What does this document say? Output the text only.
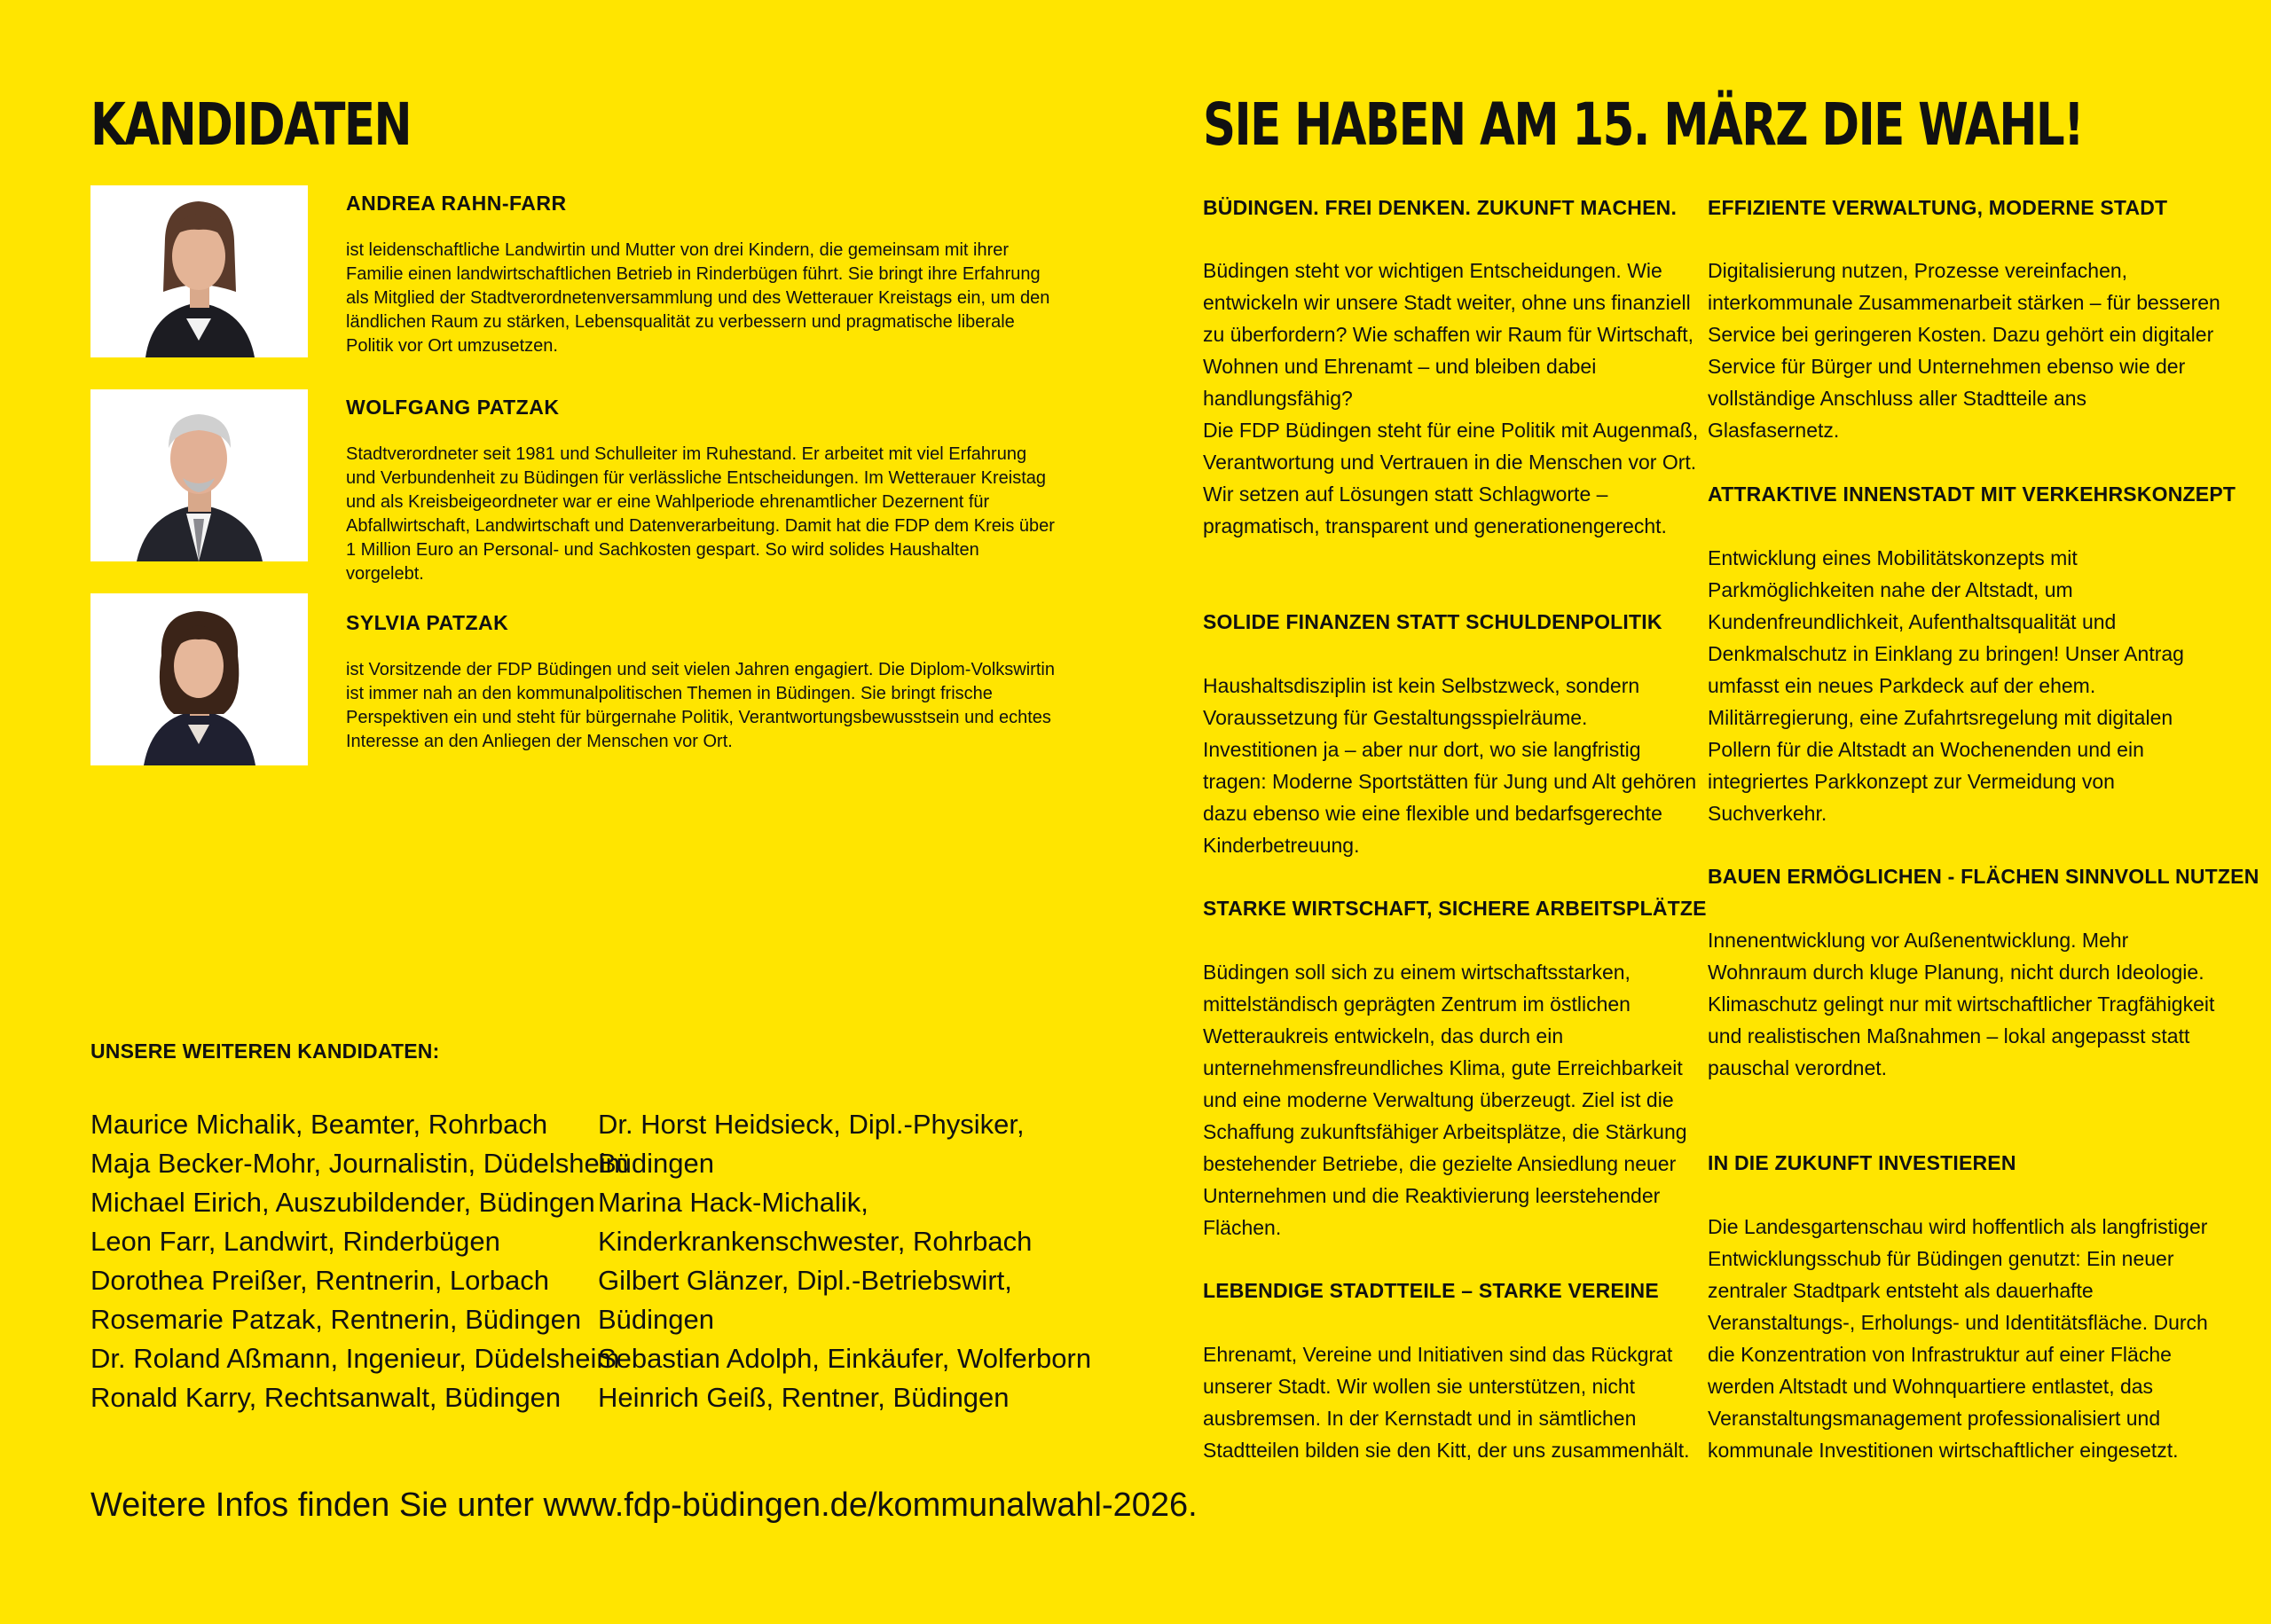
KANDIDATEN
ANDREA RAHN-FARR

ist leidenschaftliche Landwirtin und Mutter von drei Kindern, die gemeinsam mit ihrer Familie einen landwirtschaftlichen Betrieb in Rinderbügen führt. Sie bringt ihre Erfahrung als Mitglied der Stadtverordnetenversammlung und des Wetterauer Kreistags ein, um den ländlichen Raum zu stärken, Lebensqualität zu verbessern und pragmatische liberale Politik vor Ort umzusetzen.

WOLFGANG PATZAK

Stadtverordneter seit 1981 und Schulleiter im Ruhestand. Er arbeitet mit viel Erfahrung und Verbundenheit zu Büdingen für verlässliche Entscheidungen. Im Wetterauer Kreistag und als Kreisbeigeordneter war er eine Wahlperiode ehrenamtlicher Dezernent für Abfallwirtschaft, Landwirtschaft und Datenverarbeitung. Damit hat die FDP dem Kreis über 1 Million Euro an Personal- und Sachkosten gespart. So wird solides Haushalten vorgelebt.

SYLVIA PATZAK

ist Vorsitzende der FDP Büdingen und seit vielen Jahren engagiert. Die Diplom-Volkswirtin ist immer nah an den kommunalpolitischen Themen in Büdingen. Sie bringt frische Perspektiven ein und steht für bürgernahe Politik, Verantwortungsbewusstsein und echtes Interesse an den Anliegen der Menschen vor Ort.

UNSERE WEITEREN KANDIDATEN:
Maurice Michalik, Beamter, Rohrbach
Maja Becker-Mohr, Journalistin, Düdelsheim
Michael Eirich, Auszubildender, Büdingen
Leon Farr, Landwirt, Rinderbügen
Dorothea Preißer, Rentnerin, Lorbach
Rosemarie Patzak, Rentnerin, Büdingen
Dr. Roland Aßmann, Ingenieur, Düdelsheim
Ronald Karry, Rechtsanwalt, Büdingen
Dr. Horst Heidsieck, Dipl.-Physiker,
Büdingen
Marina Hack-Michalik,
Kinderkrankenschwester, Rohrbach
Gilbert Glänzer, Dipl.-Betriebswirt,
Büdingen
Sebastian Adolph, Einkäufer, Wolferborn
Heinrich Geiß, Rentner, Büdingen

Weitere Infos finden Sie unter www.fdp-büdingen.de/kommunalwahl-2026.

SIE HABEN AM 15. MÄRZ DIE WAHL!
BÜDINGEN. FREI DENKEN. ZUKUNFT MACHEN.

Büdingen steht vor wichtigen Entscheidungen. Wie entwickeln wir unsere Stadt weiter, ohne uns finanziell zu überfordern? Wie schaffen wir Raum für Wirtschaft, Wohnen und Ehrenamt – und bleiben dabei handlungsfähig?
Die FDP Büdingen steht für eine Politik mit Augenmaß, Verantwortung und Vertrauen in die Menschen vor Ort. Wir setzen auf Lösungen statt Schlagworte – pragmatisch, transparent und generationengerecht.

SOLIDE FINANZEN STATT SCHULDENPOLITIK

Haushaltsdisziplin ist kein Selbstzweck, sondern Voraussetzung für Gestaltungsspielräume. Investitionen ja – aber nur dort, wo sie langfristig tragen: Moderne Sportstätten für Jung und Alt gehören dazu ebenso wie eine flexible und bedarfsgerechte Kinderbetreuung.

STARKE WIRTSCHAFT, SICHERE ARBEITSPLÄTZE

Büdingen soll sich zu einem wirtschaftsstarken, mittelständisch geprägten Zentrum im östlichen Wetteraukreis entwickeln, das durch ein unternehmensfreundliches Klima, gute Erreichbarkeit und eine moderne Verwaltung überzeugt. Ziel ist die Schaffung zukunftsfähiger Arbeitsplätze, die Stärkung bestehender Betriebe, die gezielte Ansiedlung neuer Unternehmen und die Reaktivierung leerstehender Flächen.

LEBENDIGE STADTTEILE – STARKE VEREINE

Ehrenamt, Vereine und Initiativen sind das Rückgrat unserer Stadt. Wir wollen sie unterstützen, nicht ausbremsen. In der Kernstadt und in sämtlichen Stadtteilen bilden sie den Kitt, der uns zusammenhält.

EFFIZIENTE VERWALTUNG, MODERNE STADT

Digitalisierung nutzen, Prozesse vereinfachen, interkommunale Zusammenarbeit stärken – für besseren Service bei geringeren Kosten. Dazu gehört ein digitaler Service für Bürger und Unternehmen ebenso wie der vollständige Anschluss aller Stadtteile ans Glasfasernetz.

ATTRAKTIVE INNENSTADT MIT VERKEHRSKONZEPT

Entwicklung eines Mobilitätskonzepts mit Parkmöglichkeiten nahe der Altstadt, um Kundenfreundlichkeit, Aufenthaltsqualität und Denkmalschutz in Einklang zu bringen! Unser Antrag umfasst ein neues Parkdeck auf der ehem. Militärregierung, eine Zufahrtsregelung mit digitalen Pollern für die Altstadt an Wochenenden und ein integriertes Parkkonzept zur Vermeidung von Suchverkehr.

BAUEN ERMÖGLICHEN - FLÄCHEN SINNVOLL NUTZEN

Innenentwicklung vor Außenentwicklung. Mehr Wohnraum durch kluge Planung, nicht durch Ideologie. Klimaschutz gelingt nur mit wirtschaftlicher Tragfähigkeit und realistischen Maßnahmen – lokal angepasst statt pauschal verordnet.

IN DIE ZUKUNFT INVESTIEREN

Die Landesgartenschau wird hoffentlich als langfristiger Entwicklungsschub für Büdingen genutzt: Ein neuer zentraler Stadtpark entsteht als dauerhafte Veranstaltungs-, Erholungs- und Identitätsfläche. Durch die Konzentration von Infrastruktur auf einer Fläche werden Altstadt und Wohnquartiere entlastet, das Veranstaltungsmanagement professionalisiert und kommunale Investitionen wirtschaftlicher eingesetzt.
